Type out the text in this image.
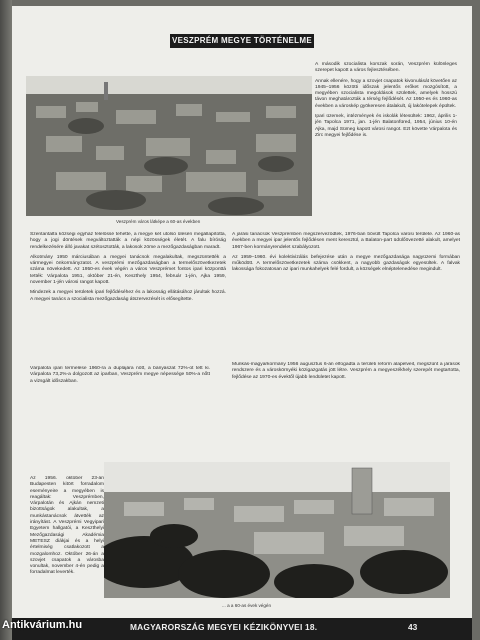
VESZPRÉM MEGYE TÖRTÉNELME
Veszprém város látképe a 60-as években

A második szocialista korszak során, Veszprém különleges szerepet kapott a város fejlesztésében.

Annak ellenére, hogy a szovjet csapatok kivonulását követően az 1945–1956 közötti időszak jelentős erőket mozgósított, a megyében szocialista megoldások születtek, amelyek hosszú távon meghatározták a térség fejlődését. Az 1950-es és 1960-as években a városkép gyökeresen átalakult, új lakótelepek épültek.

Ipari üzemek, intézmények és iskolák létesültek: 1962, április 1-jén Tapolca 1971, jan. 1-jén Balatonfüred, 1954, június 10-én Ajka, majd Sümeg kapott városi rangot. Ezt követte Várpalota és Zirc megyei fejlődése is.

Szentantalfa községi egyház felelőssé tehette, a megye két utolsó ülésén megállapította, hogy a jogi döntések megváltoztatták a népi közösségek életét. A falu bíróság rendelkezésére álló javakat szétosztották, a lakosok zöme a mezőgazdaságban maradt.

Alkotmány 1950 márciusában a megyei tanácsok megalakultak, megszüntették a vármegyei önkormányzatot. A veszprémi mezőgazdaságban a termelőszövetkezetek száma növekedett. Az 1950-es évek végén a város Veszprémet fontos ipari központtá tették: Várpalota 1951, október 21-én, Keszthely 1954, február 1-jén, Ajka 1959, november 1-jén városi rangot kapott.

Mindezek a megyei területek ipari fejlődéséhez és a lakosság ellátásához járultak hozzá. A megyei tanács a szocialista mezőgazdaság átszervezését is elősegítette.

Várpalota ipari termelése 1960-ra a duplájára nőtt, a bányászat 72%-ot tett ki. Várpalota 73,2%-a dolgozott az iparban, Veszprém megye népessége 50%-a nőtt a vizsgált időszakban.

Az 1956. október 23-án Budapesten kitört forradalom eseményeire a megyében is reagáltak: Veszprémben, Várpalotán és Ajkán nemzeti bizottságok alakultak, a munkástanácsok átvették az irányítást. A Veszprémi Vegyipari Egyetem hallgatói, a Keszthelyi Mezőgazdasági Akadémia METESZ diákjai és a helyi értelmiség csatlakozott a mozgalomhoz. Október 26-án a szovjet csapatok a városba vonultak, november 4-én pedig a forradalmat leverték.

A járási tanácsok Veszprémben megszerveződtek, 1976-ban bővült Tapolca városi területe. Az 1960-as években a megyei ipar jelentős fejlődésen ment keresztül, a Balaton-part üdülőövezetté alakult, amelyet 1967-ben kormányrendelet szabályozott.

Az 1959–1960. évi kolektivizálás befejezése után a megye mezőgazdasága nagyüzemi formában működött. A termelőszövetkezetek száma csökkent, a nagyobb gazdaságok egyesültek. A falvak lakossága fokozatosan az ipari munkahelyek felé fordult, a községek elnéptelenedése megindult.

Munkás-magyarkormány 1956 augusztus 6-án elfogadta a területi reform alapelveit, megszűnt a járások rendszere és a városkörnyéki közigazgatás jött létre. Veszprém a megyeszékhely szerepét megtartotta, fejlődése az 1970-es évektől újabb lendületet kapott.

... a a 60-as évek végén
MAGYARORSZÁG MEGYEI KÉZIKÖNYVEI 18.	43
Antikvárium.hu
